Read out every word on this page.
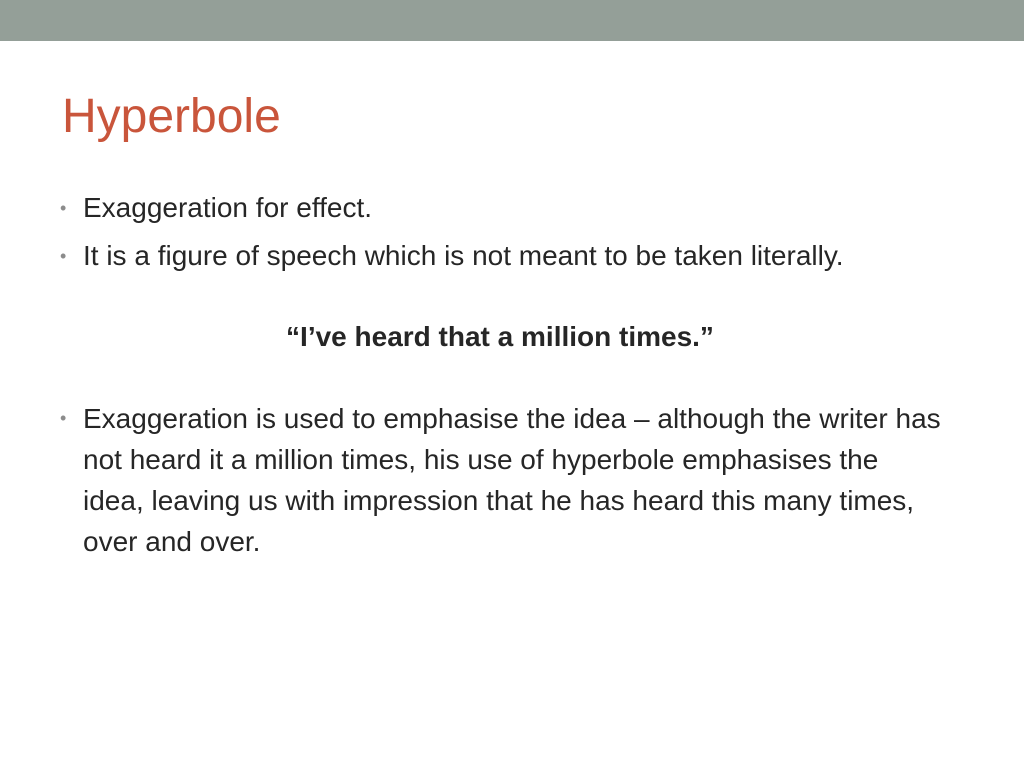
Hyperbole
• Exaggeration for effect.
• It is a figure of speech which is not meant to be taken literally.
“I’ve heard that a million times.”
• Exaggeration is used to emphasise the idea – although the writer has not heard it a million times, his use of hyperbole emphasises the idea, leaving us with impression that he has heard this many times, over and over.
